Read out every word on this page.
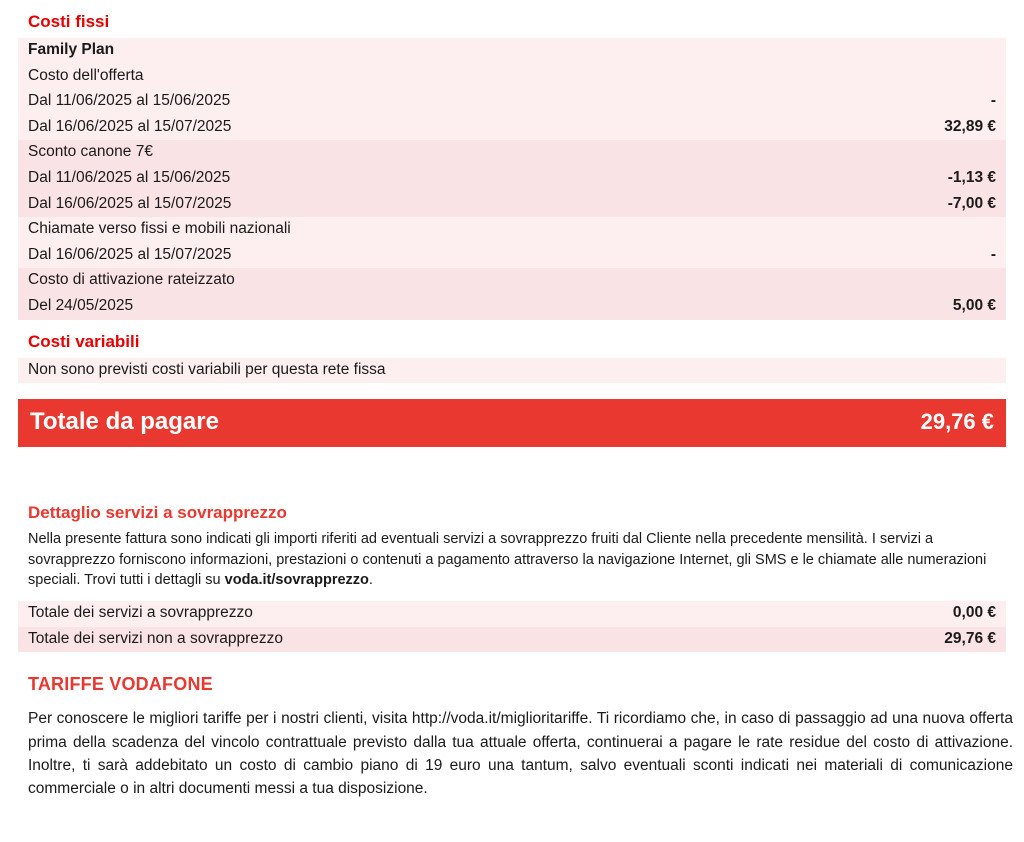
Costi fissi
Family Plan
Costo dell'offerta
Dal 11/06/2025 al 15/06/2025	-
Dal 16/06/2025 al 15/07/2025	32,89 €
Sconto canone 7€
Dal 11/06/2025 al 15/06/2025	-1,13 €
Dal 16/06/2025 al 15/07/2025	-7,00 €
Chiamate verso fissi e mobili nazionali
Dal 16/06/2025 al 15/07/2025	-
Costo di attivazione rateizzato
Del 24/05/2025	5,00 €
Costi variabili
Non sono previsti costi variabili per questa rete fissa
Totale da pagare	29,76 €
Dettaglio servizi a sovrapprezzo

Nella presente fattura sono indicati gli importi riferiti ad eventuali servizi a sovrapprezzo fruiti dal Cliente nella precedente mensilità. I servizi a sovrapprezzo forniscono informazioni, prestazioni o contenuti a pagamento attraverso la navigazione Internet, gli SMS e le chiamate alle numerazioni speciali. Trovi tutti i dettagli su voda.it/sovrapprezzo.

Totale dei servizi a sovrapprezzo	0,00 €
Totale dei servizi non a sovrapprezzo	29,76 €
TARIFFE VODAFONE

Per conoscere le migliori tariffe per i nostri clienti, visita http://voda.it/miglioritariffe. Ti ricordiamo che, in caso di passaggio ad una nuova offerta prima della scadenza del vincolo contrattuale previsto dalla tua attuale offerta, continuerai a pagare le rate residue del costo di attivazione. Inoltre, ti sarà addebitato un costo di cambio piano di 19 euro una tantum, salvo eventuali sconti indicati nei materiali di comunicazione commerciale o in altri documenti messi a tua disposizione.
